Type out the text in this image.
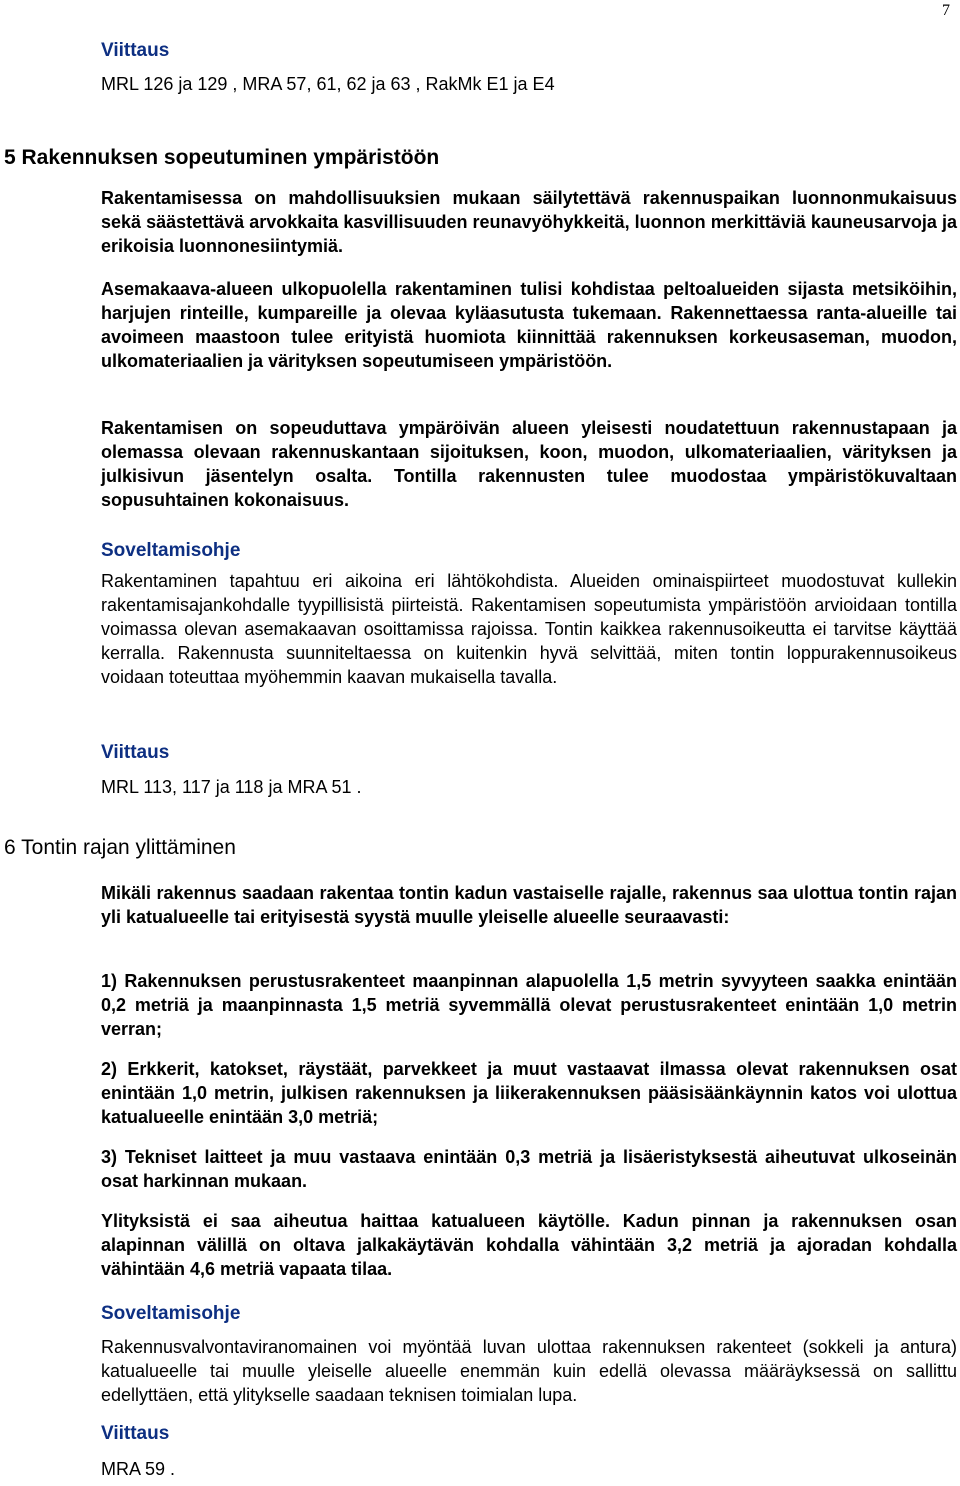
7
Viittaus
MRL 126 ja 129 , MRA 57, 61, 62 ja 63 , RakMk E1 ja E4
5 Rakennuksen sopeutuminen ympäristöön

Rakentamisessa on mahdollisuuksien mukaan säilytettävä rakennuspaikan luonnonmukaisuus sekä säästettävä arvokkaita kasvillisuuden reunavyöhykkeitä, luonnon merkittäviä kauneusarvoja ja erikoisia luonnonesiintymiä.

Asemakaava-alueen ulkopuolella rakentaminen tulisi kohdistaa peltoalueiden sijasta metsiköihin, harjujen rinteille, kumpareille ja olevaa kyläasutusta tukemaan. Rakennettaessa ranta-alueille tai avoimeen maastoon tulee erityistä huomiota kiinnittää rakennuksen korkeusaseman, muodon, ulkomateriaalien ja värityksen sopeutumiseen ympäristöön.

Rakentamisen on sopeuduttava ympäröivän alueen yleisesti noudatettuun rakennustapaan ja olemassa olevaan rakennuskantaan sijoituksen, koon, muodon, ulkomateriaalien, värityksen ja julkisivun jäsentelyn osalta. Tontilla rakennusten tulee muodostaa ympäristökuvaltaan sopusuhtainen kokonaisuus.

Soveltamisohje

Rakentaminen tapahtuu eri aikoina eri lähtökohdista. Alueiden ominaispiirteet muodostuvat kullekin rakentamisajankohdalle tyypillisistä piirteistä. Rakentamisen sopeutumista ympäristöön arvioidaan tontilla voimassa olevan asemakaavan osoittamissa rajoissa. Tontin kaikkea rakennusoikeutta ei tarvitse käyttää kerralla. Rakennusta suunniteltaessa on kuitenkin hyvä selvittää, miten tontin loppurakennusoikeus voidaan toteuttaa myöhemmin kaavan mukaisella tavalla.

Viittaus
MRL 113, 117 ja 118 ja MRA 51 .
6 Tontin rajan ylittäminen

Mikäli rakennus saadaan rakentaa tontin kadun vastaiselle rajalle, rakennus saa ulottua tontin rajan yli katualueelle tai erityisestä syystä muulle yleiselle alueelle seuraavasti:

1) Rakennuksen perustusrakenteet maanpinnan alapuolella 1,5 metrin syvyyteen saakka enintään 0,2 metriä ja maanpinnasta 1,5 metriä syvemmällä olevat perustusrakenteet enintään 1,0 metrin verran;

2) Erkkerit, katokset, räystäät, parvekkeet ja muut vastaavat ilmassa olevat rakennuksen osat enintään 1,0 metrin, julkisen rakennuksen ja liikerakennuksen pääsisäänkäynnin katos voi ulottua katualueelle enintään 3,0 metriä;

3) Tekniset laitteet ja muu vastaava enintään 0,3 metriä ja lisäeristyksestä aiheutuvat ulkoseinän osat harkinnan mukaan.

Ylityksistä ei saa aiheutua haittaa katualueen käytölle. Kadun pinnan ja rakennuksen osan alapinnan välillä on oltava jalkakäytävän kohdalla vähintään 3,2 metriä ja ajoradan kohdalla vähintään 4,6 metriä vapaata tilaa.

Soveltamisohje

Rakennusvalvontaviranomainen voi myöntää luvan ulottaa rakennuksen rakenteet (sokkeli ja antura) katualueelle tai muulle yleiselle alueelle enemmän kuin edellä olevassa määräyksessä on sallittu edellyttäen, että ylitykselle saadaan teknisen toimialan lupa.

Viittaus
MRA 59 .
